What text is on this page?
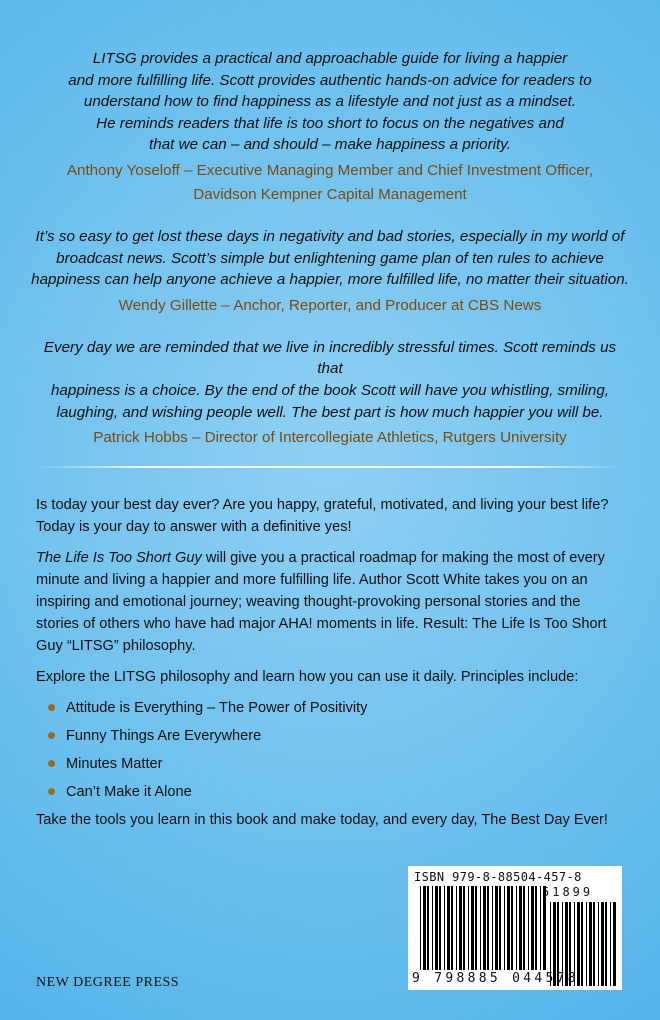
LITSG provides a practical and approachable guide for living a happier
and more fulfilling life. Scott provides authentic hands-on advice for readers to
understand how to find happiness as a lifestyle and not just as a mindset.
He reminds readers that life is too short to focus on the negatives and
that we can – and should – make happiness a priority.

Anthony Yoseloff – Executive Managing Member and Chief Investment Officer,
Davidson Kempner Capital Management

It’s so easy to get lost these days in negativity and bad stories, especially in my world of
broadcast news. Scott’s simple but enlightening game plan of ten rules to achieve
happiness can help anyone achieve a happier, more fulfilled life, no matter their situation.

Wendy Gillette – Anchor, Reporter, and Producer at CBS News

Every day we are reminded that we live in incredibly stressful times. Scott reminds us that
happiness is a choice. By the end of the book Scott will have you whistling, smiling,
laughing, and wishing people well. The best part is how much happier you will be.

Patrick Hobbs – Director of Intercollegiate Athletics, Rutgers University

Is today your best day ever? Are you happy, grateful, motivated, and living your best life? Today is your day to answer with a definitive yes!

The Life Is Too Short Guy will give you a practical roadmap for making the most of every minute and living a happier and more fulfilling life. Author Scott White takes you on an inspiring and emotional journey; weaving thought-provoking personal stories and the stories of others who have had major AHA! moments in life. Result: The Life Is Too Short Guy “LITSG” philosophy.

Explore the LITSG philosophy and learn how you can use it daily. Principles include:

Attitude is Everything – The Power of Positivity
Funny Things Are Everywhere
Minutes Matter
Can’t Make it Alone

Take the tools you learn in this book and make today, and every day, The Best Day Ever!

NEW DEGREE PRESS
ISBN 979-8-88504-457-8
51899
9 798885 044578
